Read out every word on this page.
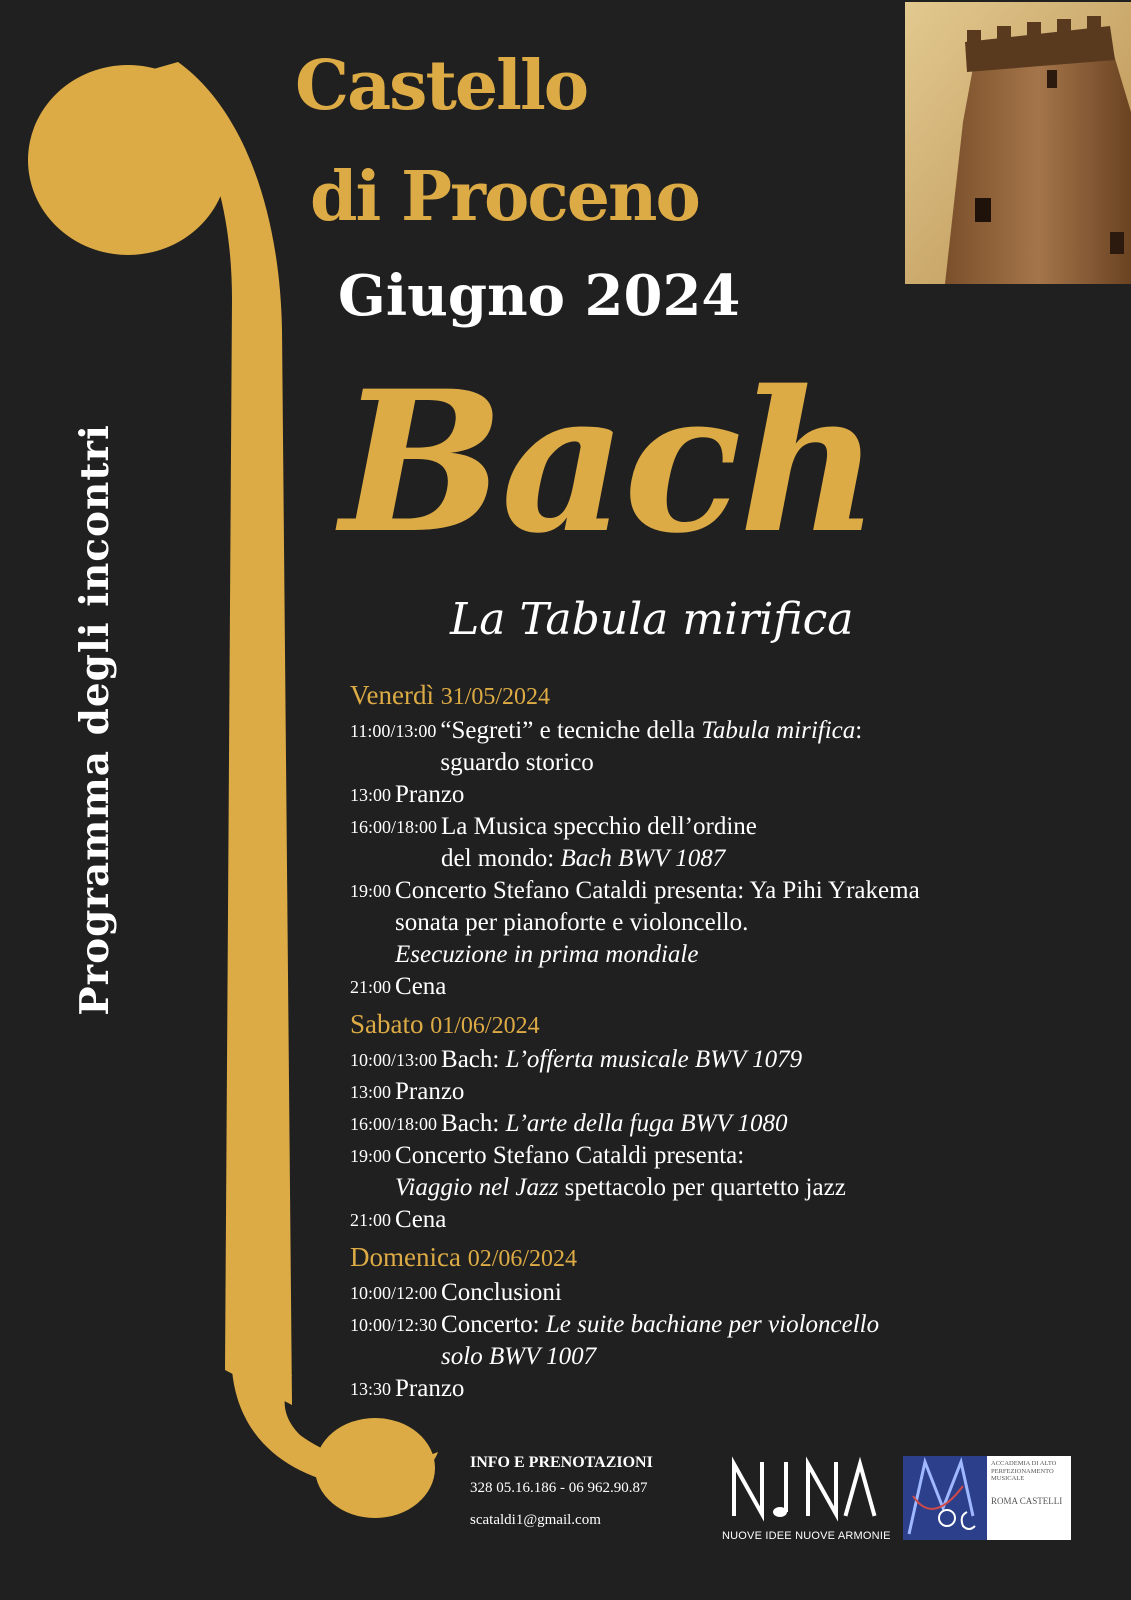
Programma degli incontri
Castello
di Proceno
Giugno 2024
Bach
La Tabula mirifica
Venerdì 31/05/2024
11:00/13:00 “Segreti” e tecniche della Tabula mirifica:
sguardo storico
13:00 Pranzo
16:00/18:00 La Musica specchio dell’ordine
del mondo: Bach BWV 1087
19:00 Concerto Stefano Cataldi presenta: Ya Pihi Yrakema
sonata per pianoforte e violoncello.
Esecuzione in prima mondiale
21:00 Cena
Sabato 01/06/2024
10:00/13:00 Bach: L’offerta musicale BWV 1079
13:00 Pranzo
16:00/18:00 Bach: L’arte della fuga BWV 1080
19:00 Concerto Stefano Cataldi presenta:
Viaggio nel Jazz spettacolo per quartetto jazz
21:00 Cena
Domenica 02/06/2024
10:00/12:00 Conclusioni
10:00/12:30 Concerto: Le suite bachiane per violoncello
solo BWV 1007
13:30 Pranzo
INFO E PRENOTAZIONI
328 05.16.186 - 06 962.90.87
scataldi1@gmail.com
NUOVE IDEE NUOVE ARMONIE
ACCADEMIA DI ALTO PERFEZIONAMENTO MUSICALE
ROMA CASTELLI
